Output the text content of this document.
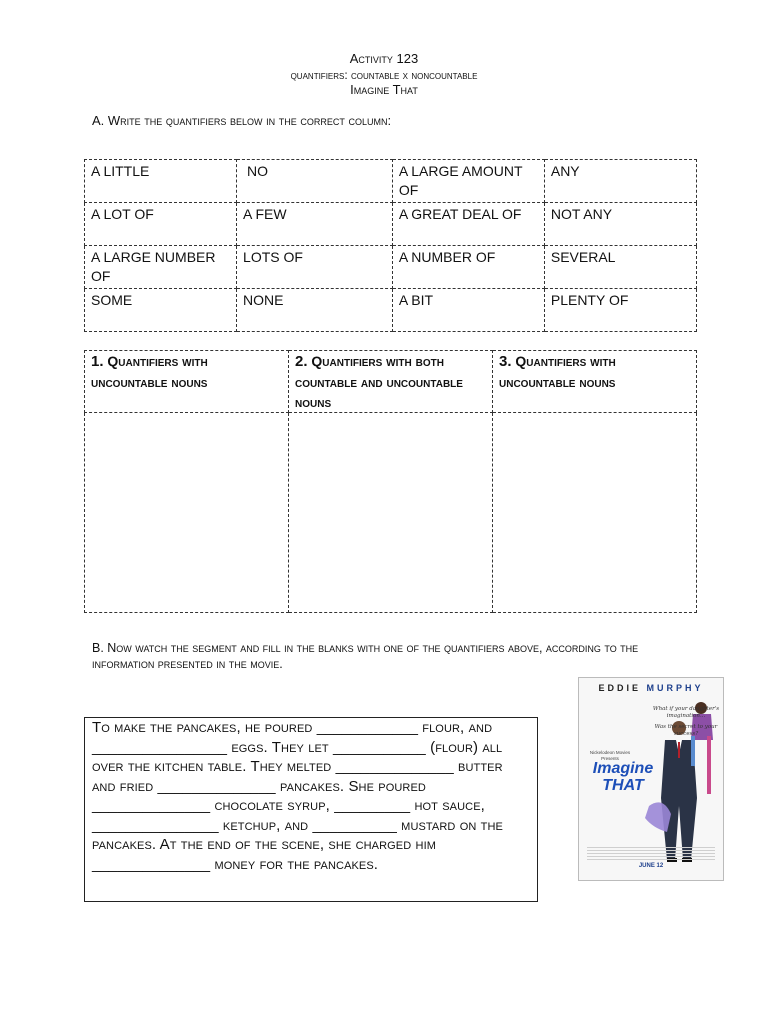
Activity 123
quantifiers: countable x noncountable
Imagine That
A. Write the quantifiers below in the correct column:
A LITTLE	NO	A LARGE AMOUNT OF	ANY
A LOT OF	A FEW	A GREAT DEAL OF	NOT ANY
A LARGE NUMBER OF	LOTS OF	A NUMBER OF	SEVERAL
SOME	NONE	A BIT	PLENTY OF
1. Quantifiers with uncountable nouns	2. Quantifiers with both countable and uncountable nouns	3. Quantifiers with uncountable nouns

B. Now watch the segment and fill in the blanks with one of the quantifiers above, according to the information presented in the movie.
To make the pancakes, he poured ____________ flour, and ________________ eggs. They let ___________ (flour) all over the kitchen table. They melted ______________ butter and fried ______________ pancakes. She poured ______________ chocolate syrup, _________ hot sauce, _______________ ketchup, and __________ mustard on the pancakes. At the end of the scene, she charged him ______________ money for the pancakes.
EDDIE MURPHY
What if your daughter's imagination...
Was the secret to your success?
Nickelodeon Movies Presents
Imagine THAT
JUNE 12
